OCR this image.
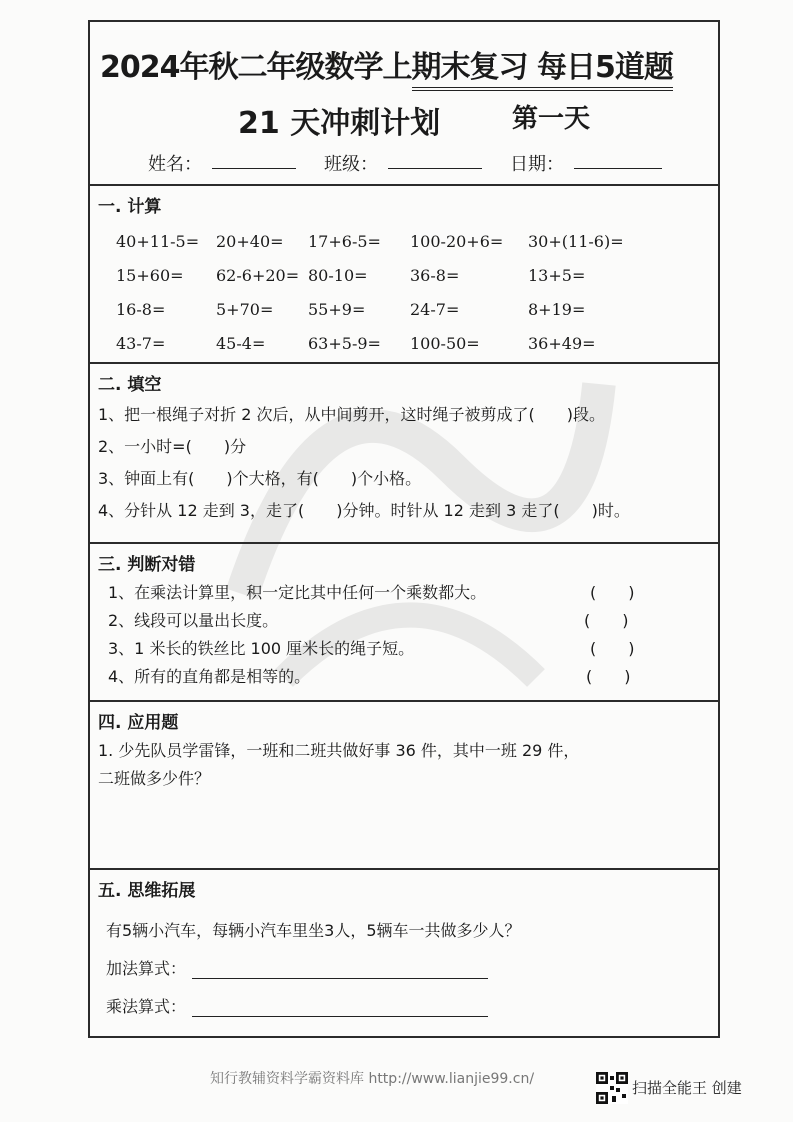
2024年秋二年级数学上期末复习 每日5道题
21 天冲刺计划	第一天
姓名：	班级：	日期：
一. 计算
40+11-5=	20+40=	17+6-5=	100-20+6=	30+(11-6)=
15+60=	62-6+20= 80-10=	36-8=	13+5=
16-8=	5+70=	55+9=	24-7=	8+19=
43-7=	45-4=	63+5-9=	100-50=	36+49=
二. 填空
1、把一根绳子对折 2 次后，从中间剪开，这时绳子被剪成了(　　)段。
2、一小时=(　　)分
3、钟面上有(　　)个大格，有(　　)个小格。
4、分针从 12 走到 3，走了(　　)分钟。时针从 12 走到 3 走了(　　)时。
三. 判断对错
1、在乘法计算里，积一定比其中任何一个乘数都大。	(　　)
2、线段可以量出长度。	(　　)
3、1 米长的铁丝比 100 厘米长的绳子短。	(　　)
4、所有的直角都是相等的。	(　　)
四. 应用题
1. 少先队员学雷锋，一班和二班共做好事 36 件，其中一班 29 件，
二班做多少件？
五. 思维拓展
有5辆小汽车，每辆小汽车里坐3人，5辆车一共做多少人？
加法算式：
乘法算式：
知行教辅资料学霸资料库 http://www.lianjie99.cn/	扫描全能王 创建
